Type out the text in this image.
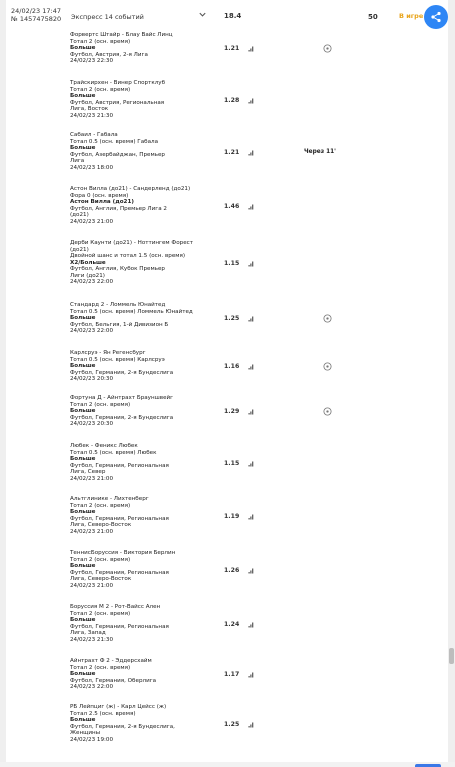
24/02/23 17:47
№ 1457475820 Экспресс 14 событий	18.4	50	В игре
Форвертс Штайр - Блау Вайс Линц
Тотал 2 (осн. время)
Больше
Футбол, Австрия, 2-я Лига
24/02/23 22:30
1.21
Трайскирхен - Винер Спортклуб
Тотал 2 (осн. время)
Больше
Футбол, Австрия, Региональная
Лига, Восток
24/02/23 21:30
1.28
Сабаил - Габала
Тотал 0.5 (осн. время) Габала
Больше
Футбол, Азербайджан, Премьер
Лига
24/02/23 18:00
1.21	Через 11'
Астон Вилла (до21) - Сандерленд (до21)
Фора 0 (осн. время)
Астон Вилла (до21)
Футбол, Англия, Премьер Лига 2
(до21)
24/02/23 21:00
1.46
Дерби Каунти (до21) - Ноттингем Форест
(до21)
Двойной шанс и тотал 1.5 (осн. время)
X2/Больше
Футбол, Англия, Кубок Премьер
Лиги (до21)
24/02/23 22:00
1.15
Стандард 2 - Ломмель Юнайтед
Тотал 0.5 (осн. время) Ломмель Юнайтед
Больше
Футбол, Бельгия, 1-й Дивизион Б
24/02/23 22:00
1.25
Карлсруэ - Ян Регенсбург
Тотал 0.5 (осн. время) Карлсруэ
Больше
Футбол, Германия, 2-я Бундеслига
24/02/23 20:30
1.16
Фортуна Д - Айнтрахт Брауншвейг
Тотал 2 (осн. время)
Больше
Футбол, Германия, 2-я Бундеслига
24/02/23 20:30
1.29
Любек - Феникс Любек
Тотал 0.5 (осн. время) Любек
Больше
Футбол, Германия, Региональная
Лига, Север
24/02/23 21:00
1.15
Альтглинике - Лихтенберг
Тотал 2 (осн. время)
Больше
Футбол, Германия, Региональная
Лига, Северо-Восток
24/02/23 21:00
1.19
ТеннисБоруссия - Виктория Берлин
Тотал 2 (осн. время)
Больше
Футбол, Германия, Региональная
Лига, Северо-Восток
24/02/23 21:00
1.26
Боруссия М 2 - Рот-Вайсс Ален
Тотал 2 (осн. время)
Больше
Футбол, Германия, Региональная
Лига, Запад
24/02/23 21:30
1.24
Айнтрахт Ф 2 - Эддерсхайм
Тотал 2 (осн. время)
Больше
Футбол, Германия, Оберлига
24/02/23 22:00
1.17
РБ Лейпциг (ж) - Карл Цейсс (ж)
Тотал 2.5 (осн. время)
Больше
Футбол, Германия, 2-я Бундеслига,
Женщины
24/02/23 19:00
1.25
